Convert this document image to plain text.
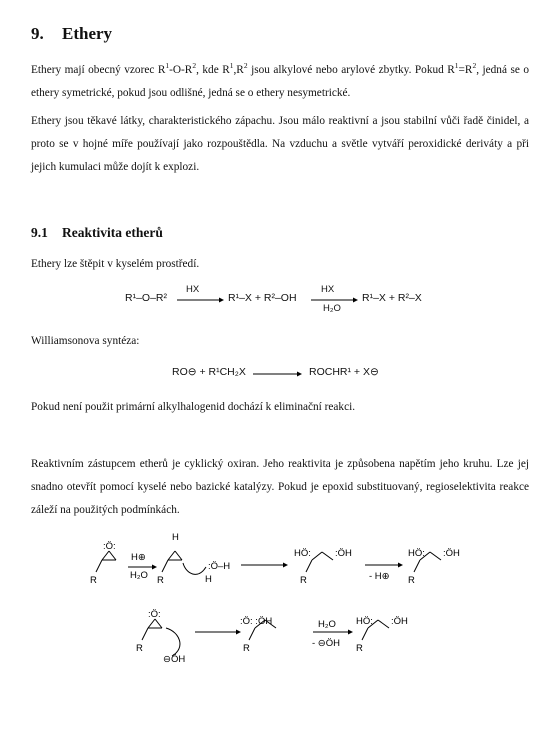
9. Ethery
Ethery mají obecný vzorec $R^1-O-R^2$, kde $R^1,R^2$ jsou alkylové nebo arylové zbytky. Pokud $R^1=R^2$, jedná se o ethery symetrické, pokud jsou odlišné, jedná se o ethery nesymetrické.
Ethery jsou těkavé látky, charakteristického zápachu. Jsou málo reaktivní a jsou stabilní vůči řadě činidel, a proto se v hojné míře používají jako rozpouštědla. Na vzduchu a světle vytváří peroxidické deriváty a při jejich kumulaci může dojít k explozi.
9.1 Reaktivita etherů
Ethery lze štěpit v kyselém prostředí.
R¹–O–R²
HX
R¹–X + R²–OH
HX
H₂O
R¹–X + R²–X
Williamsonova syntéza:
RO⊖ + R¹CH₂X	ROCHR¹ + X⊖
Pokud není použit primární alkylhalogenid dochází k eliminační reakci.
Reaktivním zástupcem etherů je cyklický oxiran. Jeho reaktivita je způsobena napětím jeho kruhu. Lze jej snadno otevřít pomocí kyselé nebo bazické katalýzy. Pokud je epoxid substituovaný, regioselektivita reakce záleží na použitých podmínkách.
:Ö:
R
H⊕
H₂O
H
R
:Ö–H
H
HÖ:	:ÖH
R	- H⊕
HÖ: :ÖH
R
:Ö:
R
⊖ÖH
:Ö: :ÖH
R
H₂O
- ⊖ÖH
HÖ: :ÖH
R
